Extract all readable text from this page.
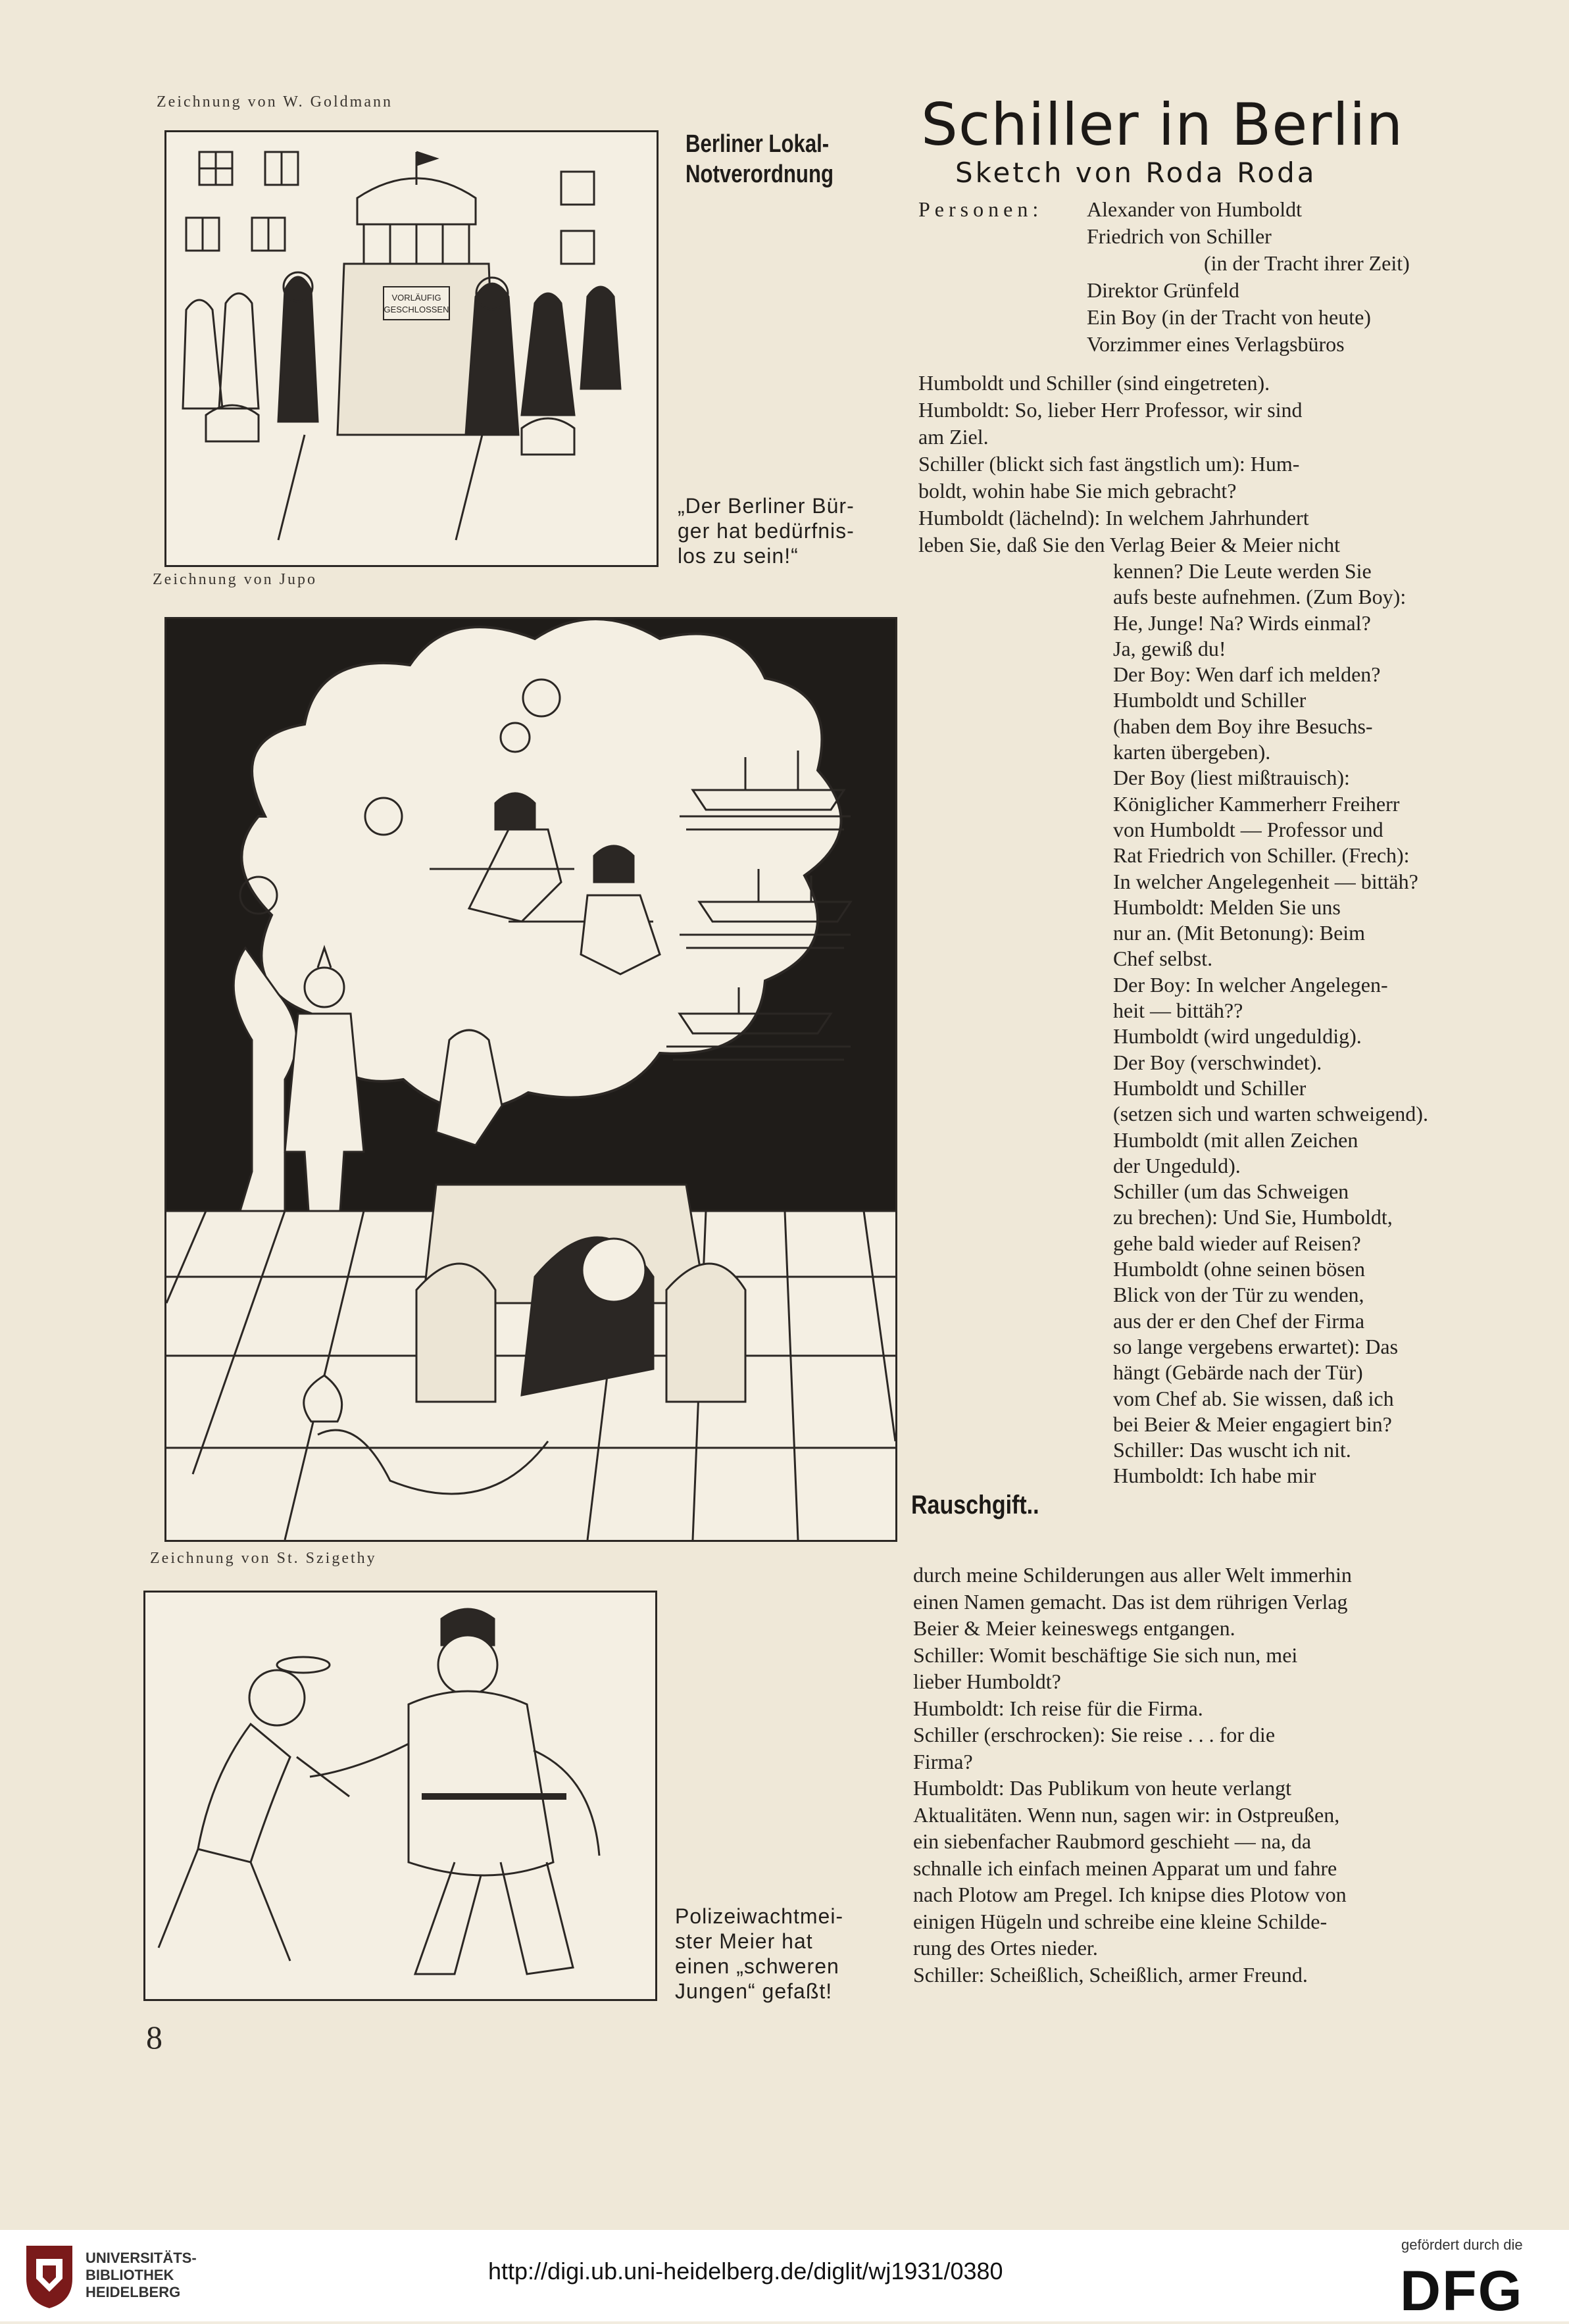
Zeichnung von W. Goldmann
VORLÄUFIG
GESCHLOSSEN
Berliner Lokal-
Notverordnung
„Der Berliner Bür-
ger hat bedürfnis-
los zu sein!“
Zeichnung von Jupo
Zeichnung von St. Szigethy
Polizeiwachtmei-
ster Meier hat
einen „schweren
Jungen“ gefaßt!
Schiller in Berlin
Sketch von Roda Roda
Personen: Alexander von Humboldt
Friedrich von Schiller
(in der Tracht ihrer Zeit)
Direktor Grünfeld
Ein Boy (in der Tracht von heute)
Vorzimmer eines Verlagsbüros
Humboldt und Schiller (sind eingetreten).
Humboldt: So, lieber Herr Professor, wir sind
am Ziel.
Schiller (blickt sich fast ängstlich um): Hum-
boldt, wohin habe Sie mich gebracht?
Humboldt (lächelnd): In welchem Jahrhundert
leben Sie, daß Sie den Verlag Beier & Meier nicht
kennen? Die Leute werden Sie
aufs beste aufnehmen. (Zum Boy):
He, Junge! Na? Wirds einmal?
Ja, gewiß du!
Der Boy: Wen darf ich melden?
Humboldt und Schiller
(haben dem Boy ihre Besuchs-
karten übergeben).
Der Boy (liest mißtrauisch):
Königlicher Kammerherr Freiherr
von Humboldt — Professor und
Rat Friedrich von Schiller. (Frech):
In welcher Angelegenheit — bittäh?
Humboldt: Melden Sie uns
nur an. (Mit Betonung): Beim
Chef selbst.
Der Boy: In welcher Angelegen-
heit — bittäh??
Humboldt (wird ungeduldig).
Der Boy (verschwindet).
Humboldt und Schiller
(setzen sich und warten schweigend).
Humboldt (mit allen Zeichen
der Ungeduld).
Schiller (um das Schweigen
zu brechen): Und Sie, Humboldt,
gehe bald wieder auf Reisen?
Humboldt (ohne seinen bösen
Blick von der Tür zu wenden,
aus der er den Chef der Firma
so lange vergebens erwartet): Das
hängt (Gebärde nach der Tür)
vom Chef ab. Sie wissen, daß ich
bei Beier & Meier engagiert bin?
Schiller: Das wuscht ich nit.
Humboldt: Ich habe mir
Rauschgift..
durch meine Schilderungen aus aller Welt immerhin
einen Namen gemacht. Das ist dem rührigen Verlag
Beier & Meier keineswegs entgangen.
Schiller: Womit beschäftige Sie sich nun, mei
lieber Humboldt?
Humboldt: Ich reise für die Firma.
Schiller (erschrocken): Sie reise . . . for die
Firma?
Humboldt: Das Publikum von heute verlangt
Aktualitäten. Wenn nun, sagen wir: in Ostpreußen,
ein siebenfacher Raubmord geschieht — na, da
schnalle ich einfach meinen Apparat um und fahre
nach Plotow am Pregel. Ich knipse dies Plotow von
einigen Hügeln und schreibe eine kleine Schilde-
rung des Ortes nieder.
Schiller: Scheißlich, Scheißlich, armer Freund.
8
UNIVERSITÄTS-
BIBLIOTHEK
HEIDELBERG
http://digi.ub.uni-heidelberg.de/diglit/wj1931/0380
gefördert durch die
DFG
